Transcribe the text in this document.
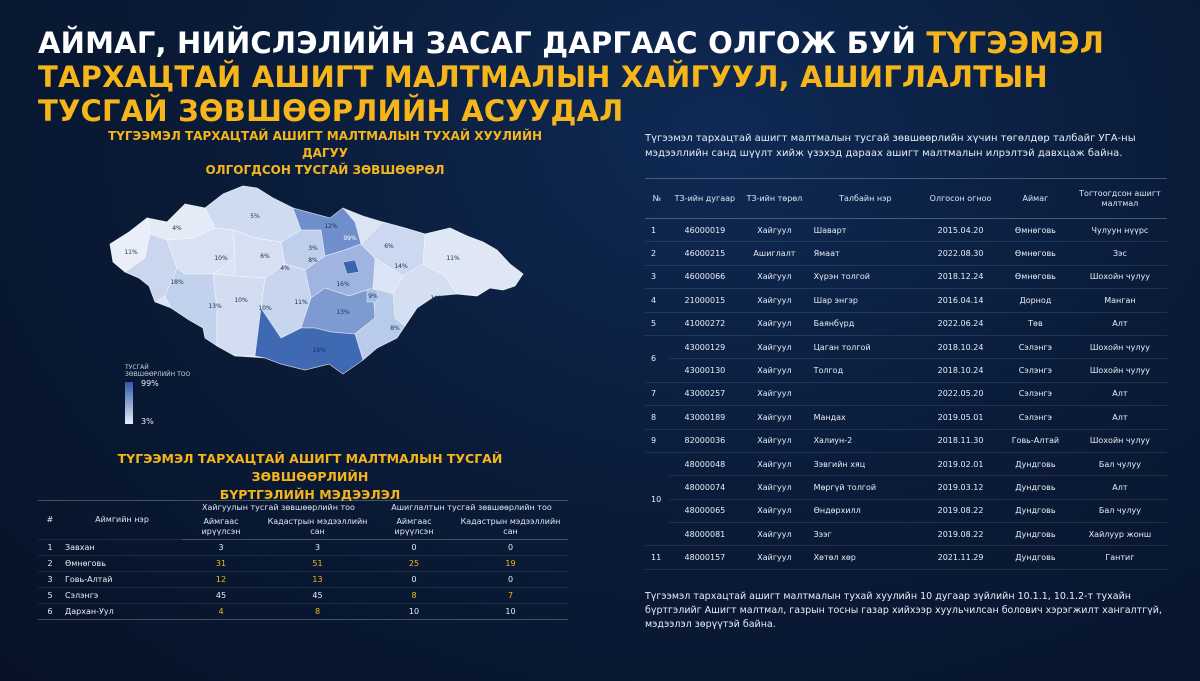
АЙМАГ, НИЙСЛЭЛИЙН ЗАСАГ ДАРГААС ОЛГОЖ БУЙ ТҮГЭЭМЭЛ ТАРХАЦТАЙ АШИГТ МАЛТМАЛЫН ХАЙГУУЛ, АШИГЛАЛТЫН ТУСГАЙ ЗӨВШӨӨРЛИЙН АСУУДАЛ
ТҮГЭЭМЭЛ ТАРХАЦТАЙ АШИГТ МАЛТМАЛЫН ТУХАЙ ХУУЛИЙН ДАГУУ
ОЛГОГДСОН ТУСГАЙ ЗӨВШӨӨРӨЛ
4%
11%
5%
6%
3%
8%
4%
12%
10%
6%
14%
11%
18%
13%	10%
10%	11%
8%
14%
9%
13%
16%
19%
99%
ТУСГАЙ ЗӨВШӨӨРЛИЙН ТОО
99%
3%
ТҮГЭЭМЭЛ ТАРХАЦТАЙ АШИГТ МАЛТМАЛЫН ТУСГАЙ ЗӨВШӨӨРЛИЙН
БҮРТГЭЛИЙН МЭДЭЭЛЭЛ
#	Аймгийн нэр	Хайгуулын тусгай зөвшөөрлийн тоо		Ашиглалтын тусгай зөвшөөрлийн тоо	
		Аймгаас ирүүлсэн	Кадастрын мэдээллийн сан	Аймгаас ирүүлсэн	Кадастрын мэдээллийн сан
1	Завхан	3	3	0	0
2	Өмнөговь	31	51	25	19
3	Говь-Алтай	12	13	0	0
5	Сэлэнгэ	45	45	8	7
6	Дархан-Уул	4	8	10	10
Түгээмэл тархацтай ашигт малтмалын тусгай зөвшөөрлийн хүчин төгөлдөр талбайг УГА-ны мэдээллийн санд шүүлт хийж үзэхэд дараах ашигт малтмалын илрэлтэй давхцаж байна.
№	ТЗ-ийн дугаар	ТЗ-ийн төрөл	Талбайн нэр	Олгосон огноо	Аймаг	Тогтоогдсон ашигт малтмал
1	46000019	Хайгуул	Шаварт	2015.04.20	Өмнөговь	Чулуун нүүрс
2	46000215	Ашиглалт	Ямаат	2022.08.30	Өмнөговь	Зэс
3	46000066	Хайгуул	Хүрэн толгой	2018.12.24	Өмнөговь	Шохойн чулуу
4	21000015	Хайгуул	Шар энгэр	2016.04.14	Дорнод	Манган
5	41000272	Хайгуул	Баянбүрд	2022.06.24	Төв	Алт
6	43000129	Хайгуул	Цаган толгой	2018.10.24	Сэлэнгэ	Шохойн чулуу
	43000130	Хайгуул	Толгод	2018.10.24	Сэлэнгэ	Шохойн чулуу
7	43000257	Хайгуул		2022.05.20	Сэлэнгэ	Алт
8	43000189	Хайгуул	Мандах	2019.05.01	Сэлэнгэ	Алт
9	82000036	Хайгуул	Халиун-2	2018.11.30	Говь-Алтай	Шохойн чулуу
10	48000048	Хайгуул	Зэвгийн хяц	2019.02.01	Дундговь	Бал чулуу
	48000074	Хайгуул	Мөргүй толгой	2019.03.12	Дундговь	Алт
	48000065	Хайгуул	Өндөрхилл	2019.08.22	Дундговь	Бал чулуу
	48000081	Хайгуул	Зээг	2019.08.22	Дундговь	Хайлуур жонш
11	48000157	Хайгуул	Хөтөл хөр	2021.11.29	Дундговь	Гантиг
Түгээмэл тархацтай ашигт малтмалын тухай хуулийн 10 дугаар зүйлийн 10.1.1, 10.1.2-т тухайн бүртгэлийг Ашигт малтмал, газрын тосны газар хийхээр хуульчилсан болович хэрэгжилт хангалтгүй, мэдээлэл зөрүүтэй байна.
